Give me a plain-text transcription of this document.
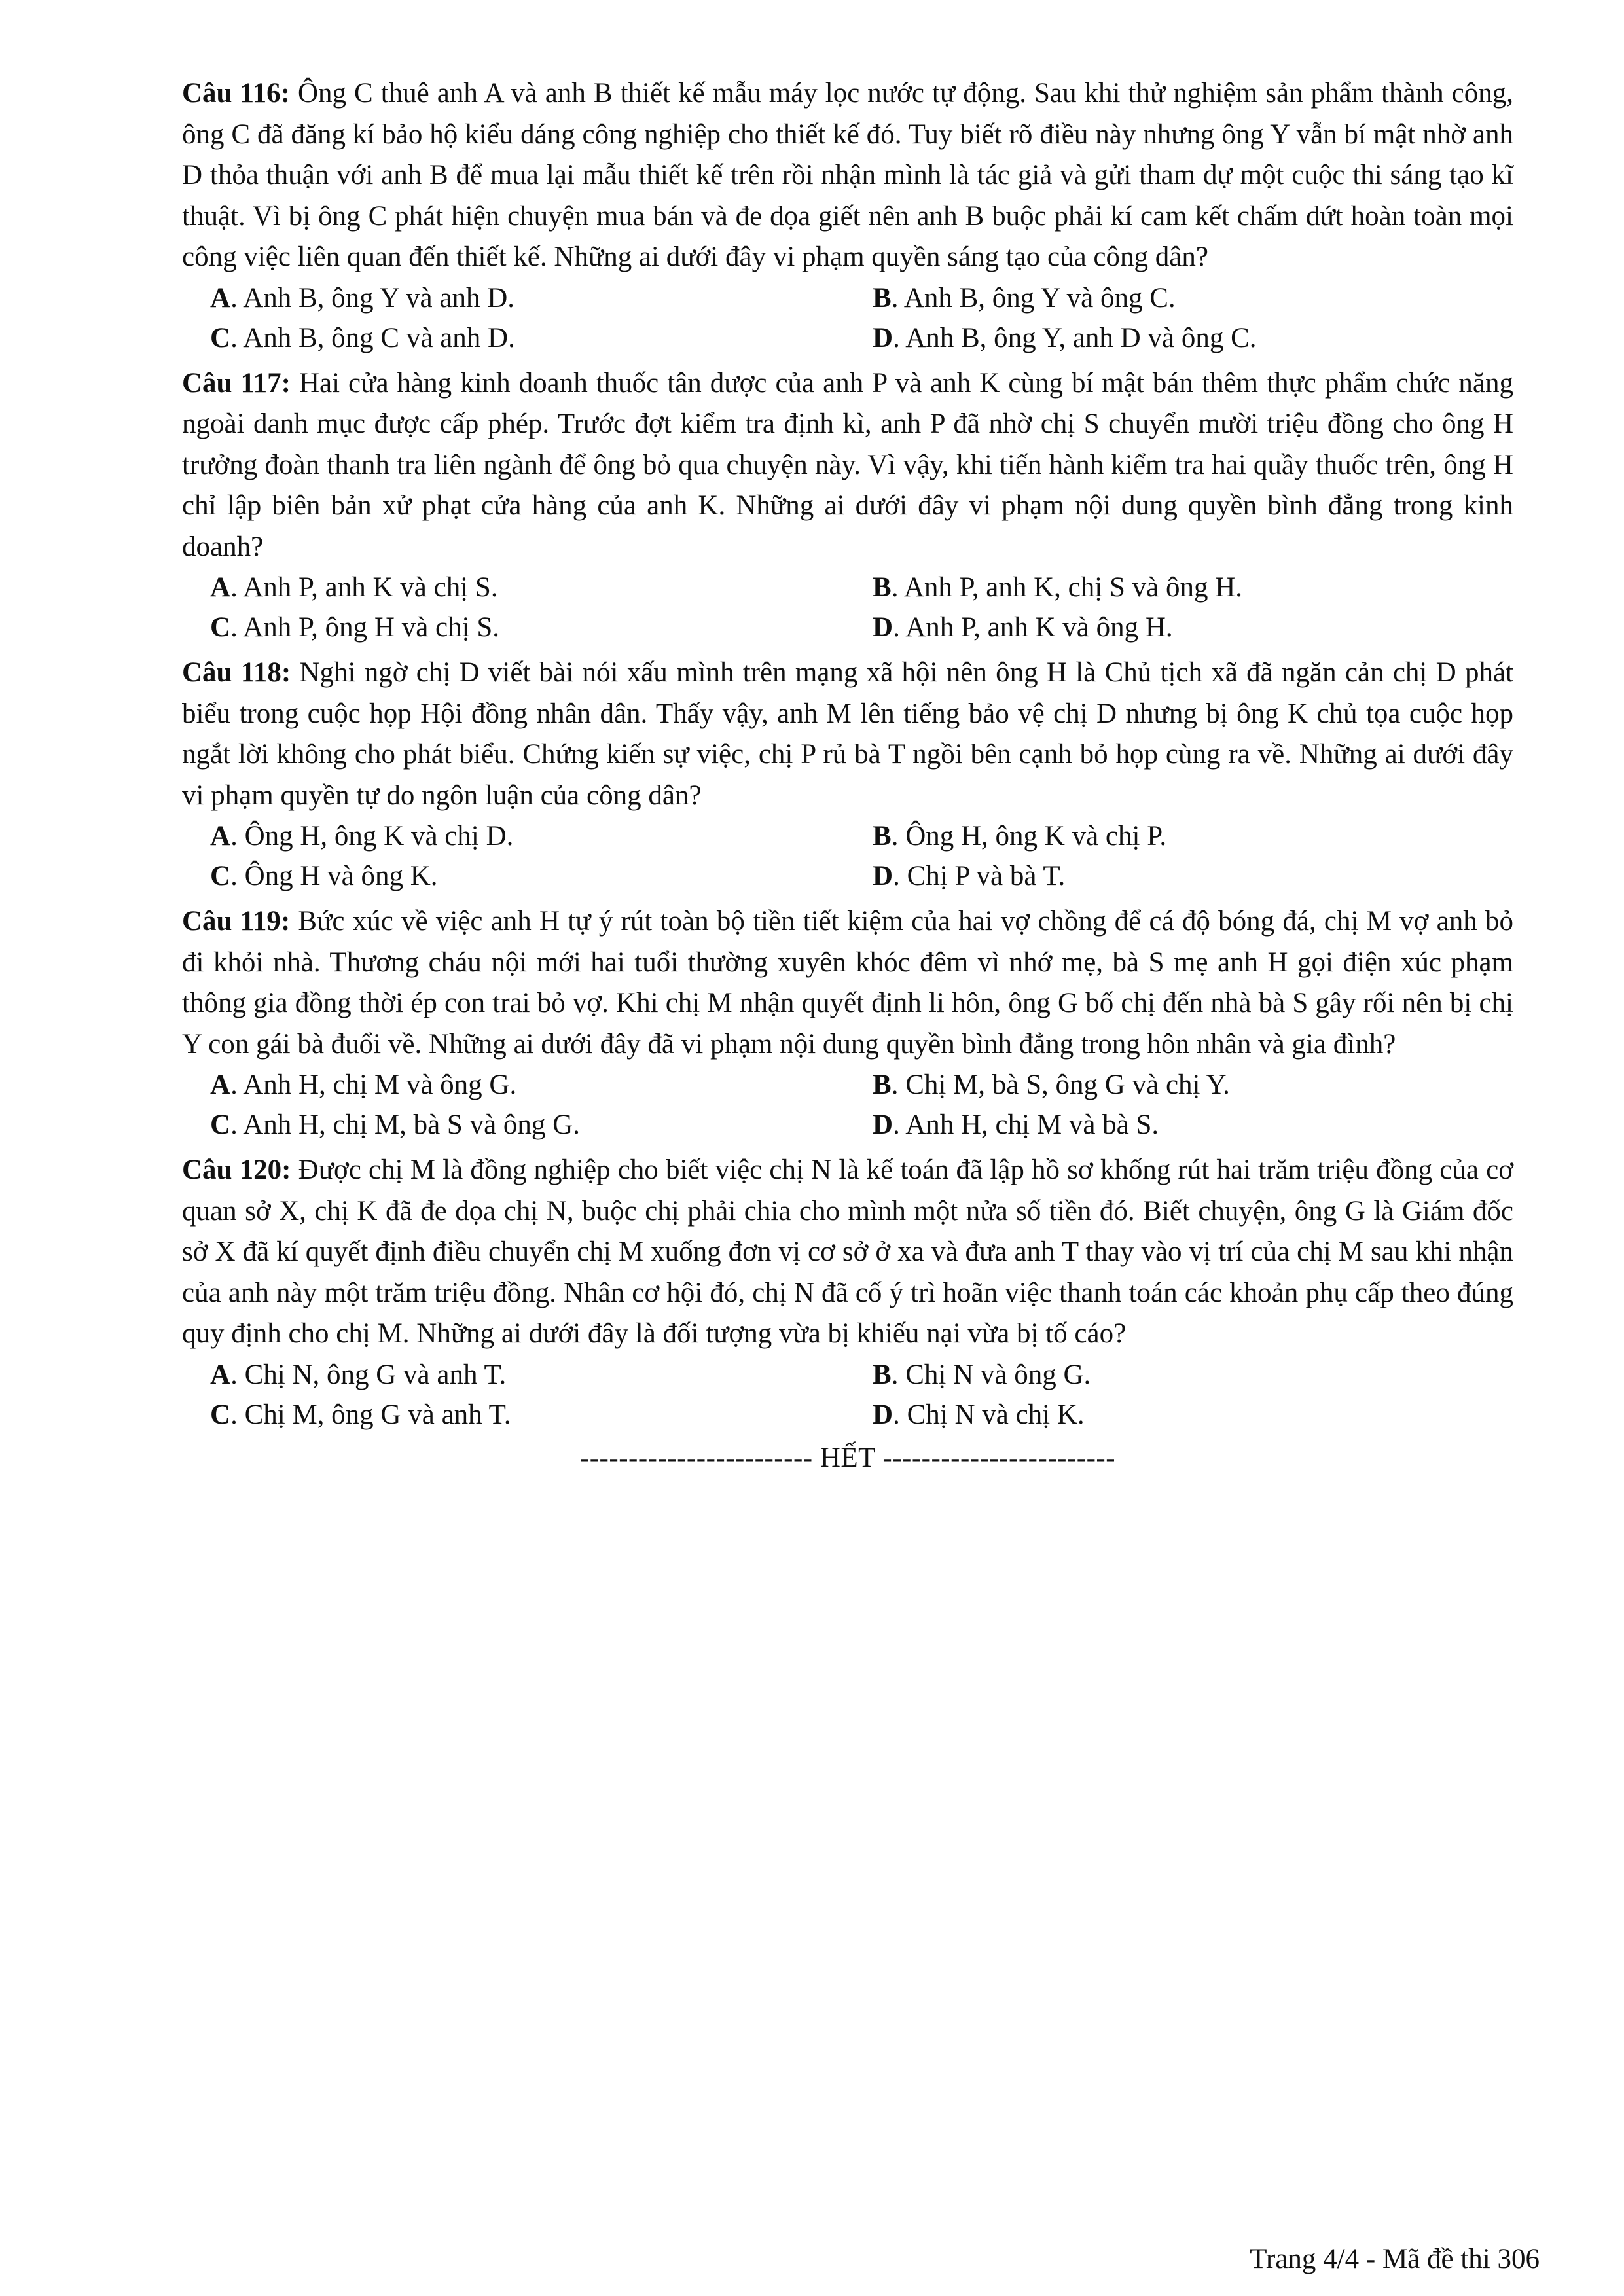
Câu 116: Ông C thuê anh A và anh B thiết kế mẫu máy lọc nước tự động. Sau khi thử nghiệm sản phẩm thành công, ông C đã đăng kí bảo hộ kiểu dáng công nghiệp cho thiết kế đó. Tuy biết rõ điều này nhưng ông Y vẫn bí mật nhờ anh D thỏa thuận với anh B để mua lại mẫu thiết kế trên rồi nhận mình là tác giả và gửi tham dự một cuộc thi sáng tạo kĩ thuật. Vì bị ông C phát hiện chuyện mua bán và đe dọa giết nên anh B buộc phải kí cam kết chấm dứt hoàn toàn mọi công việc liên quan đến thiết kế. Những ai dưới đây vi phạm quyền sáng tạo của công dân?

A. Anh B, ông Y và anh D.	B. Anh B, ông Y và ông C.
C. Anh B, ông C và anh D.	D. Anh B, ông Y, anh D và ông C.

Câu 117: Hai cửa hàng kinh doanh thuốc tân dược của anh P và anh K cùng bí mật bán thêm thực phẩm chức năng ngoài danh mục được cấp phép. Trước đợt kiểm tra định kì, anh P đã nhờ chị S chuyển mười triệu đồng cho ông H trưởng đoàn thanh tra liên ngành để ông bỏ qua chuyện này. Vì vậy, khi tiến hành kiểm tra hai quầy thuốc trên, ông H chỉ lập biên bản xử phạt cửa hàng của anh K. Những ai dưới đây vi phạm nội dung quyền bình đẳng trong kinh doanh?

A. Anh P, anh K và chị S.	B. Anh P, anh K, chị S và ông H.
C. Anh P, ông H và chị S.	D. Anh P, anh K và ông H.

Câu 118: Nghi ngờ chị D viết bài nói xấu mình trên mạng xã hội nên ông H là Chủ tịch xã đã ngăn cản chị D phát biểu trong cuộc họp Hội đồng nhân dân. Thấy vậy, anh M lên tiếng bảo vệ chị D nhưng bị ông K chủ tọa cuộc họp ngắt lời không cho phát biểu. Chứng kiến sự việc, chị P rủ bà T ngồi bên cạnh bỏ họp cùng ra về. Những ai dưới đây vi phạm quyền tự do ngôn luận của công dân?

A. Ông H, ông K và chị D.	B. Ông H, ông K và chị P.
C. Ông H và ông K.	D. Chị P và bà T.

Câu 119: Bức xúc về việc anh H tự ý rút toàn bộ tiền tiết kiệm của hai vợ chồng để cá độ bóng đá, chị M vợ anh bỏ đi khỏi nhà. Thương cháu nội mới hai tuổi thường xuyên khóc đêm vì nhớ mẹ, bà S mẹ anh H gọi điện xúc phạm thông gia đồng thời ép con trai bỏ vợ. Khi chị M nhận quyết định li hôn, ông G bố chị đến nhà bà S gây rối nên bị chị Y con gái bà đuổi về. Những ai dưới đây đã vi phạm nội dung quyền bình đẳng trong hôn nhân và gia đình?

A. Anh H, chị M và ông G.	B. Chị M, bà S, ông G và chị Y.
C. Anh H, chị M, bà S và ông G.	D. Anh H, chị M và bà S.

Câu 120: Được chị M là đồng nghiệp cho biết việc chị N là kế toán đã lập hồ sơ khống rút hai trăm triệu đồng của cơ quan sở X, chị K đã đe dọa chị N, buộc chị phải chia cho mình một nửa số tiền đó. Biết chuyện, ông G là Giám đốc sở X đã kí quyết định điều chuyển chị M xuống đơn vị cơ sở ở xa và đưa anh T thay vào vị trí của chị M sau khi nhận của anh này một trăm triệu đồng. Nhân cơ hội đó, chị N đã cố ý trì hoãn việc thanh toán các khoản phụ cấp theo đúng quy định cho chị M. Những ai dưới đây là đối tượng vừa bị khiếu nại vừa bị tố cáo?

A. Chị N, ông G và anh T.	B. Chị N và ông G.
C. Chị M, ông G và anh T.	D. Chị N và chị K.
------------------------ HẾT ------------------------
Trang 4/4 - Mã đề thi 306
